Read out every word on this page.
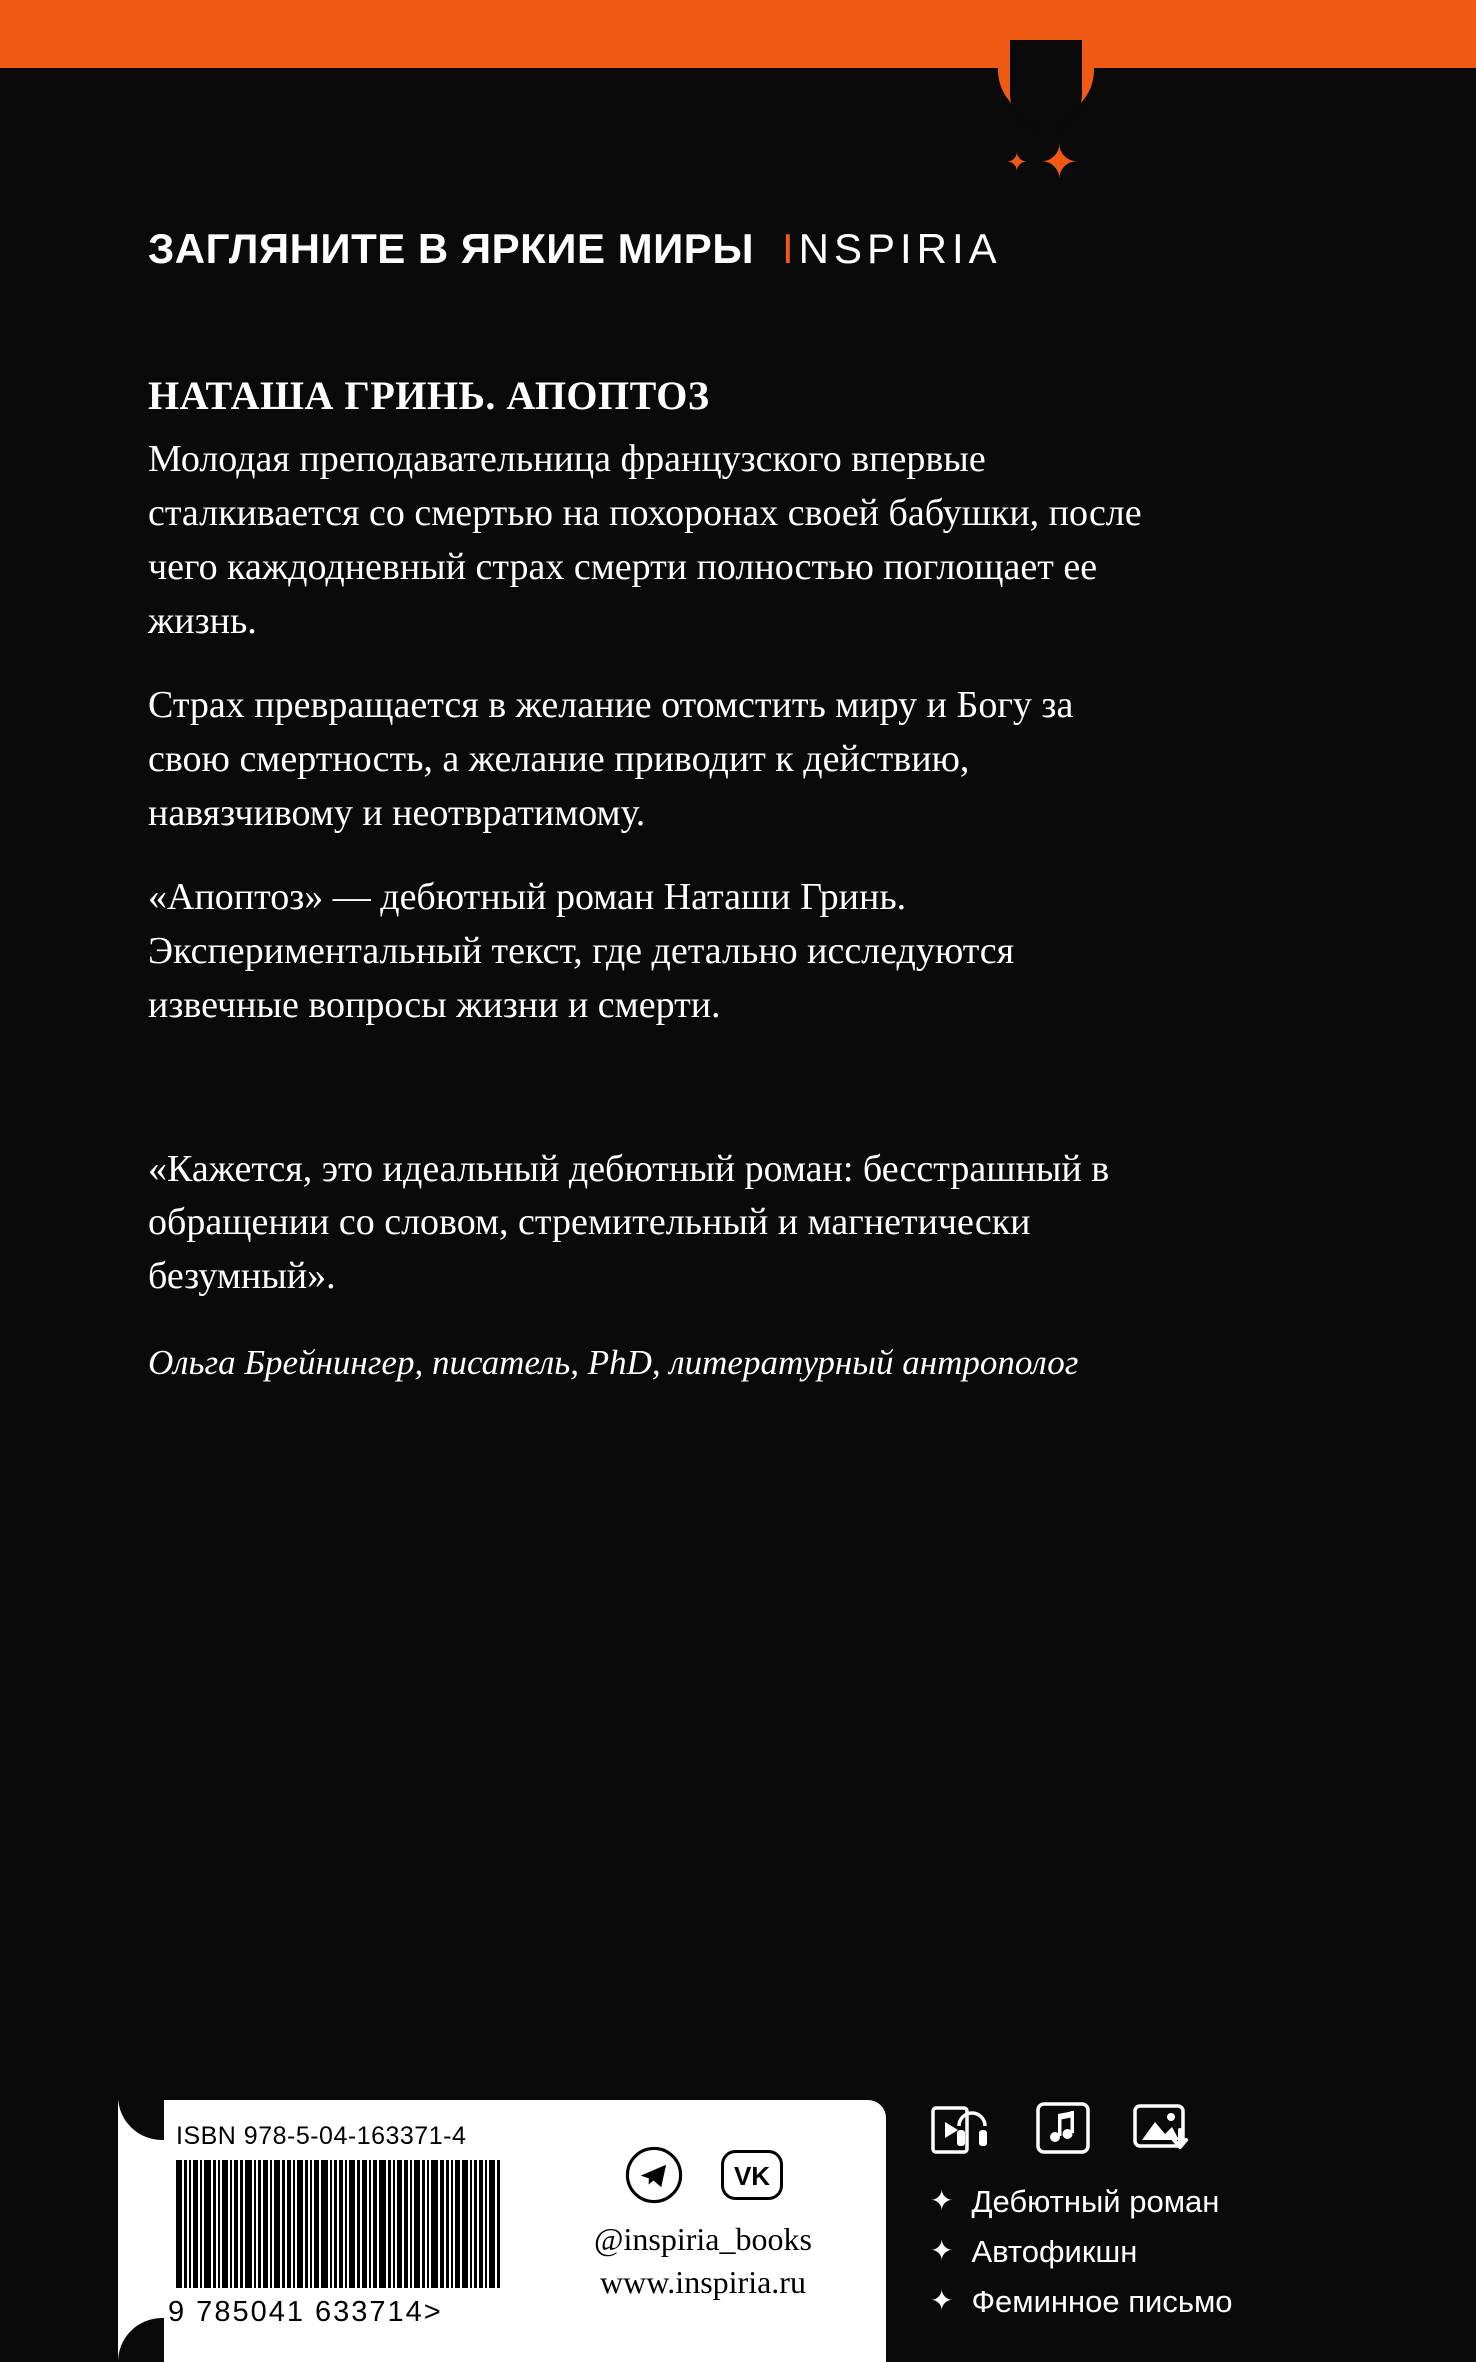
✦
✦
ЗАГЛЯНИТЕ В ЯРКИЕ МИРЫ INSPIRIA
НАТАША ГРИНЬ. АПОПТОЗ

Молодая преподавательница французского впервые сталкивается со смертью на похоронах своей бабушки, после чего каждодневный страх смерти полностью поглощает ее жизнь.

Страх превращается в желание отомстить миру и Богу за свою смертность, а желание приводит к действию, навязчивому и неотвратимому.

«Апоптоз» — дебютный роман Наташи Гринь. Экспериментальный текст, где детально исследуются извечные вопросы жизни и смерти.

«Кажется, это идеальный дебютный роман: бесстрашный в обращении со словом, стремительный и магнетически безумный».

Ольга Брейнингер, писатель, PhD, литературный антрополог

ISBN 978-5-04-163371-4
9 785041 633714>
VK
@inspiria_books
www.inspiria.ru
✦ Дебютный роман
✦ Автофикшн
✦ Феминное письмо
